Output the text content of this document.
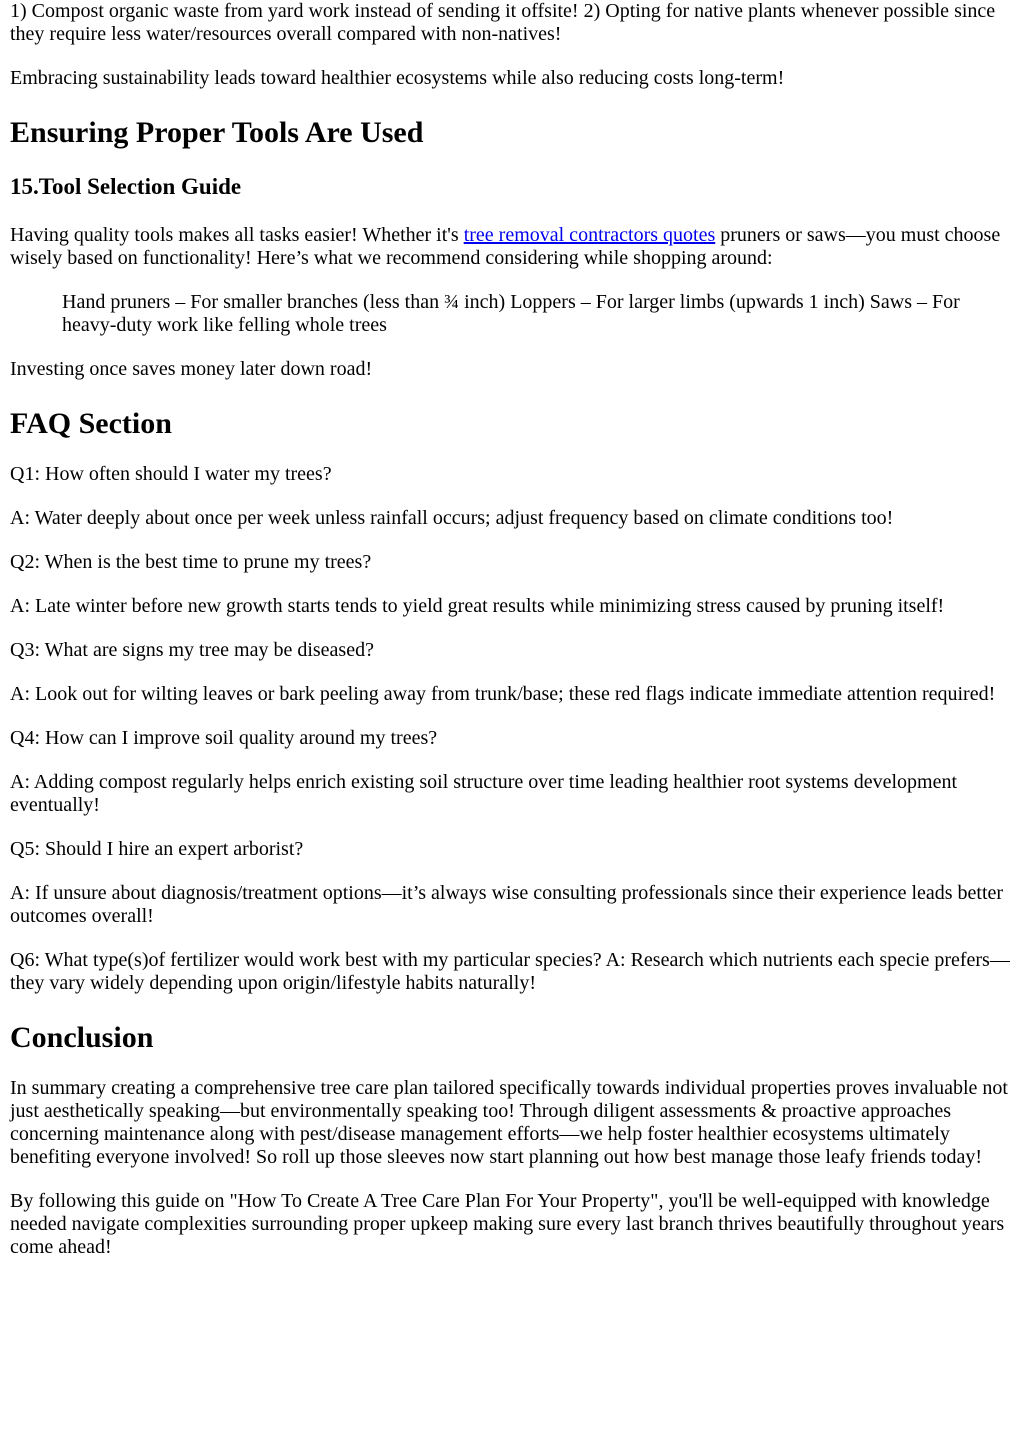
1) Compost organic waste from yard work instead of sending it offsite! 2) Opting for native plants whenever possible since they require less water/resources overall compared with non-natives!

Embracing sustainability leads toward healthier ecosystems while also reducing costs long-term!

Ensuring Proper Tools Are Used
15.Tool Selection Guide

Having quality tools makes all tasks easier! Whether it's tree removal contractors quotes pruners or saws—you must choose wisely based on functionality! Here’s what we recommend considering while shopping around:

Hand pruners – For smaller branches (less than ¾ inch) Loppers – For larger limbs (upwards 1 inch) Saws – For heavy-duty work like felling whole trees

Investing once saves money later down road!

FAQ Section

Q1: How often should I water my trees?

A: Water deeply about once per week unless rainfall occurs; adjust frequency based on climate conditions too!

Q2: When is the best time to prune my trees?

A: Late winter before new growth starts tends to yield great results while minimizing stress caused by pruning itself!

Q3: What are signs my tree may be diseased?

A: Look out for wilting leaves or bark peeling away from trunk/base; these red flags indicate immediate attention required!

Q4: How can I improve soil quality around my trees?

A: Adding compost regularly helps enrich existing soil structure over time leading healthier root systems development eventually!

Q5: Should I hire an expert arborist?

A: If unsure about diagnosis/treatment options—it’s always wise consulting professionals since their experience leads better outcomes overall!

Q6: What type(s)of fertilizer would work best with my particular species? A: Research which nutrients each specie prefers—they vary widely depending upon origin/lifestyle habits naturally!

Conclusion

In summary creating a comprehensive tree care plan tailored specifically towards individual properties proves invaluable not just aesthetically speaking—but environmentally speaking too! Through diligent assessments & proactive approaches concerning maintenance along with pest/disease management efforts—we help foster healthier ecosystems ultimately benefiting everyone involved! So roll up those sleeves now start planning out how best manage those leafy friends today!

By following this guide on "How To Create A Tree Care Plan For Your Property", you'll be well-equipped with knowledge needed navigate complexities surrounding proper upkeep making sure every last branch thrives beautifully throughout years come ahead!
